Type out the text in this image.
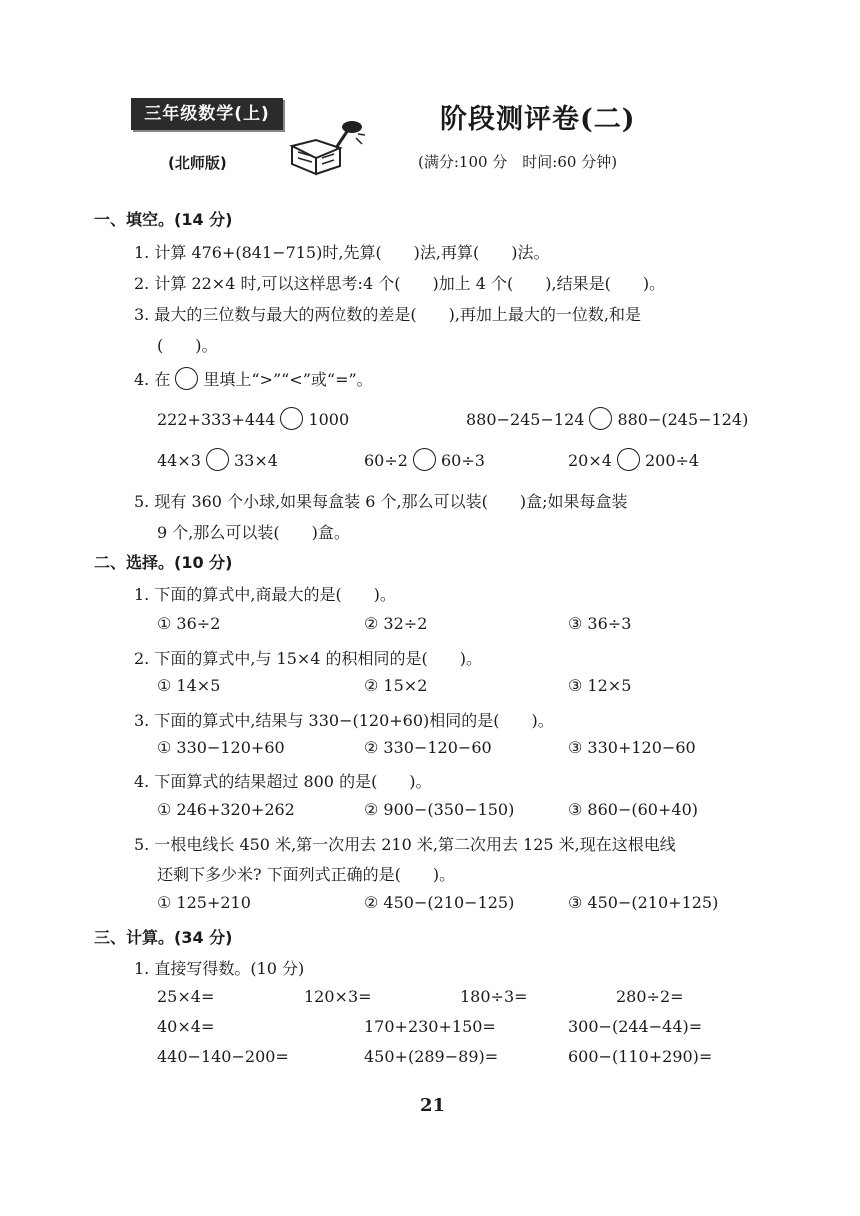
三年级数学(上)
(北师版)
阶段测评卷(二)
(满分:100 分　时间:60 分钟)
一、填空。(14 分)
1. 计算 476+(841−715)时,先算(　　)法,再算(　　)法。
2. 计算 22×4 时,可以这样思考:4 个(　　)加上 4 个(　　),结果是(　　)。
3. 最大的三位数与最大的两位数的差是(　　),再加上最大的一位数,和是
(　　)。
4. 在 里填上“>”“<”或“=”。
222+333+444 1000	880−245−124 880−(245−124)
44×3 33×4	60÷2 60÷3	20×4 200÷4
5. 现有 360 个小球,如果每盒装 6 个,那么可以装(　　)盒;如果每盒装
9 个,那么可以装(　　)盒。
二、选择。(10 分)
1. 下面的算式中,商最大的是(　　)。
① 36÷2	② 32÷2	③ 36÷3
2. 下面的算式中,与 15×4 的积相同的是(　　)。
① 14×5	② 15×2	③ 12×5
3. 下面的算式中,结果与 330−(120+60)相同的是(　　)。
① 330−120+60	② 330−120−60	③ 330+120−60
4. 下面算式的结果超过 800 的是(　　)。
① 246+320+262	② 900−(350−150)	③ 860−(60+40)
5. 一根电线长 450 米,第一次用去 210 米,第二次用去 125 米,现在这根电线
还剩下多少米? 下面列式正确的是(　　)。
① 125+210	② 450−(210−125)	③ 450−(210+125)
三、计算。(34 分)
1. 直接写得数。(10 分)
25×4=	120×3=	180÷3=	280÷2=
40×4=	170+230+150=	300−(244−44)=
440−140−200=	450+(289−89)=	600−(110+290)=
21
